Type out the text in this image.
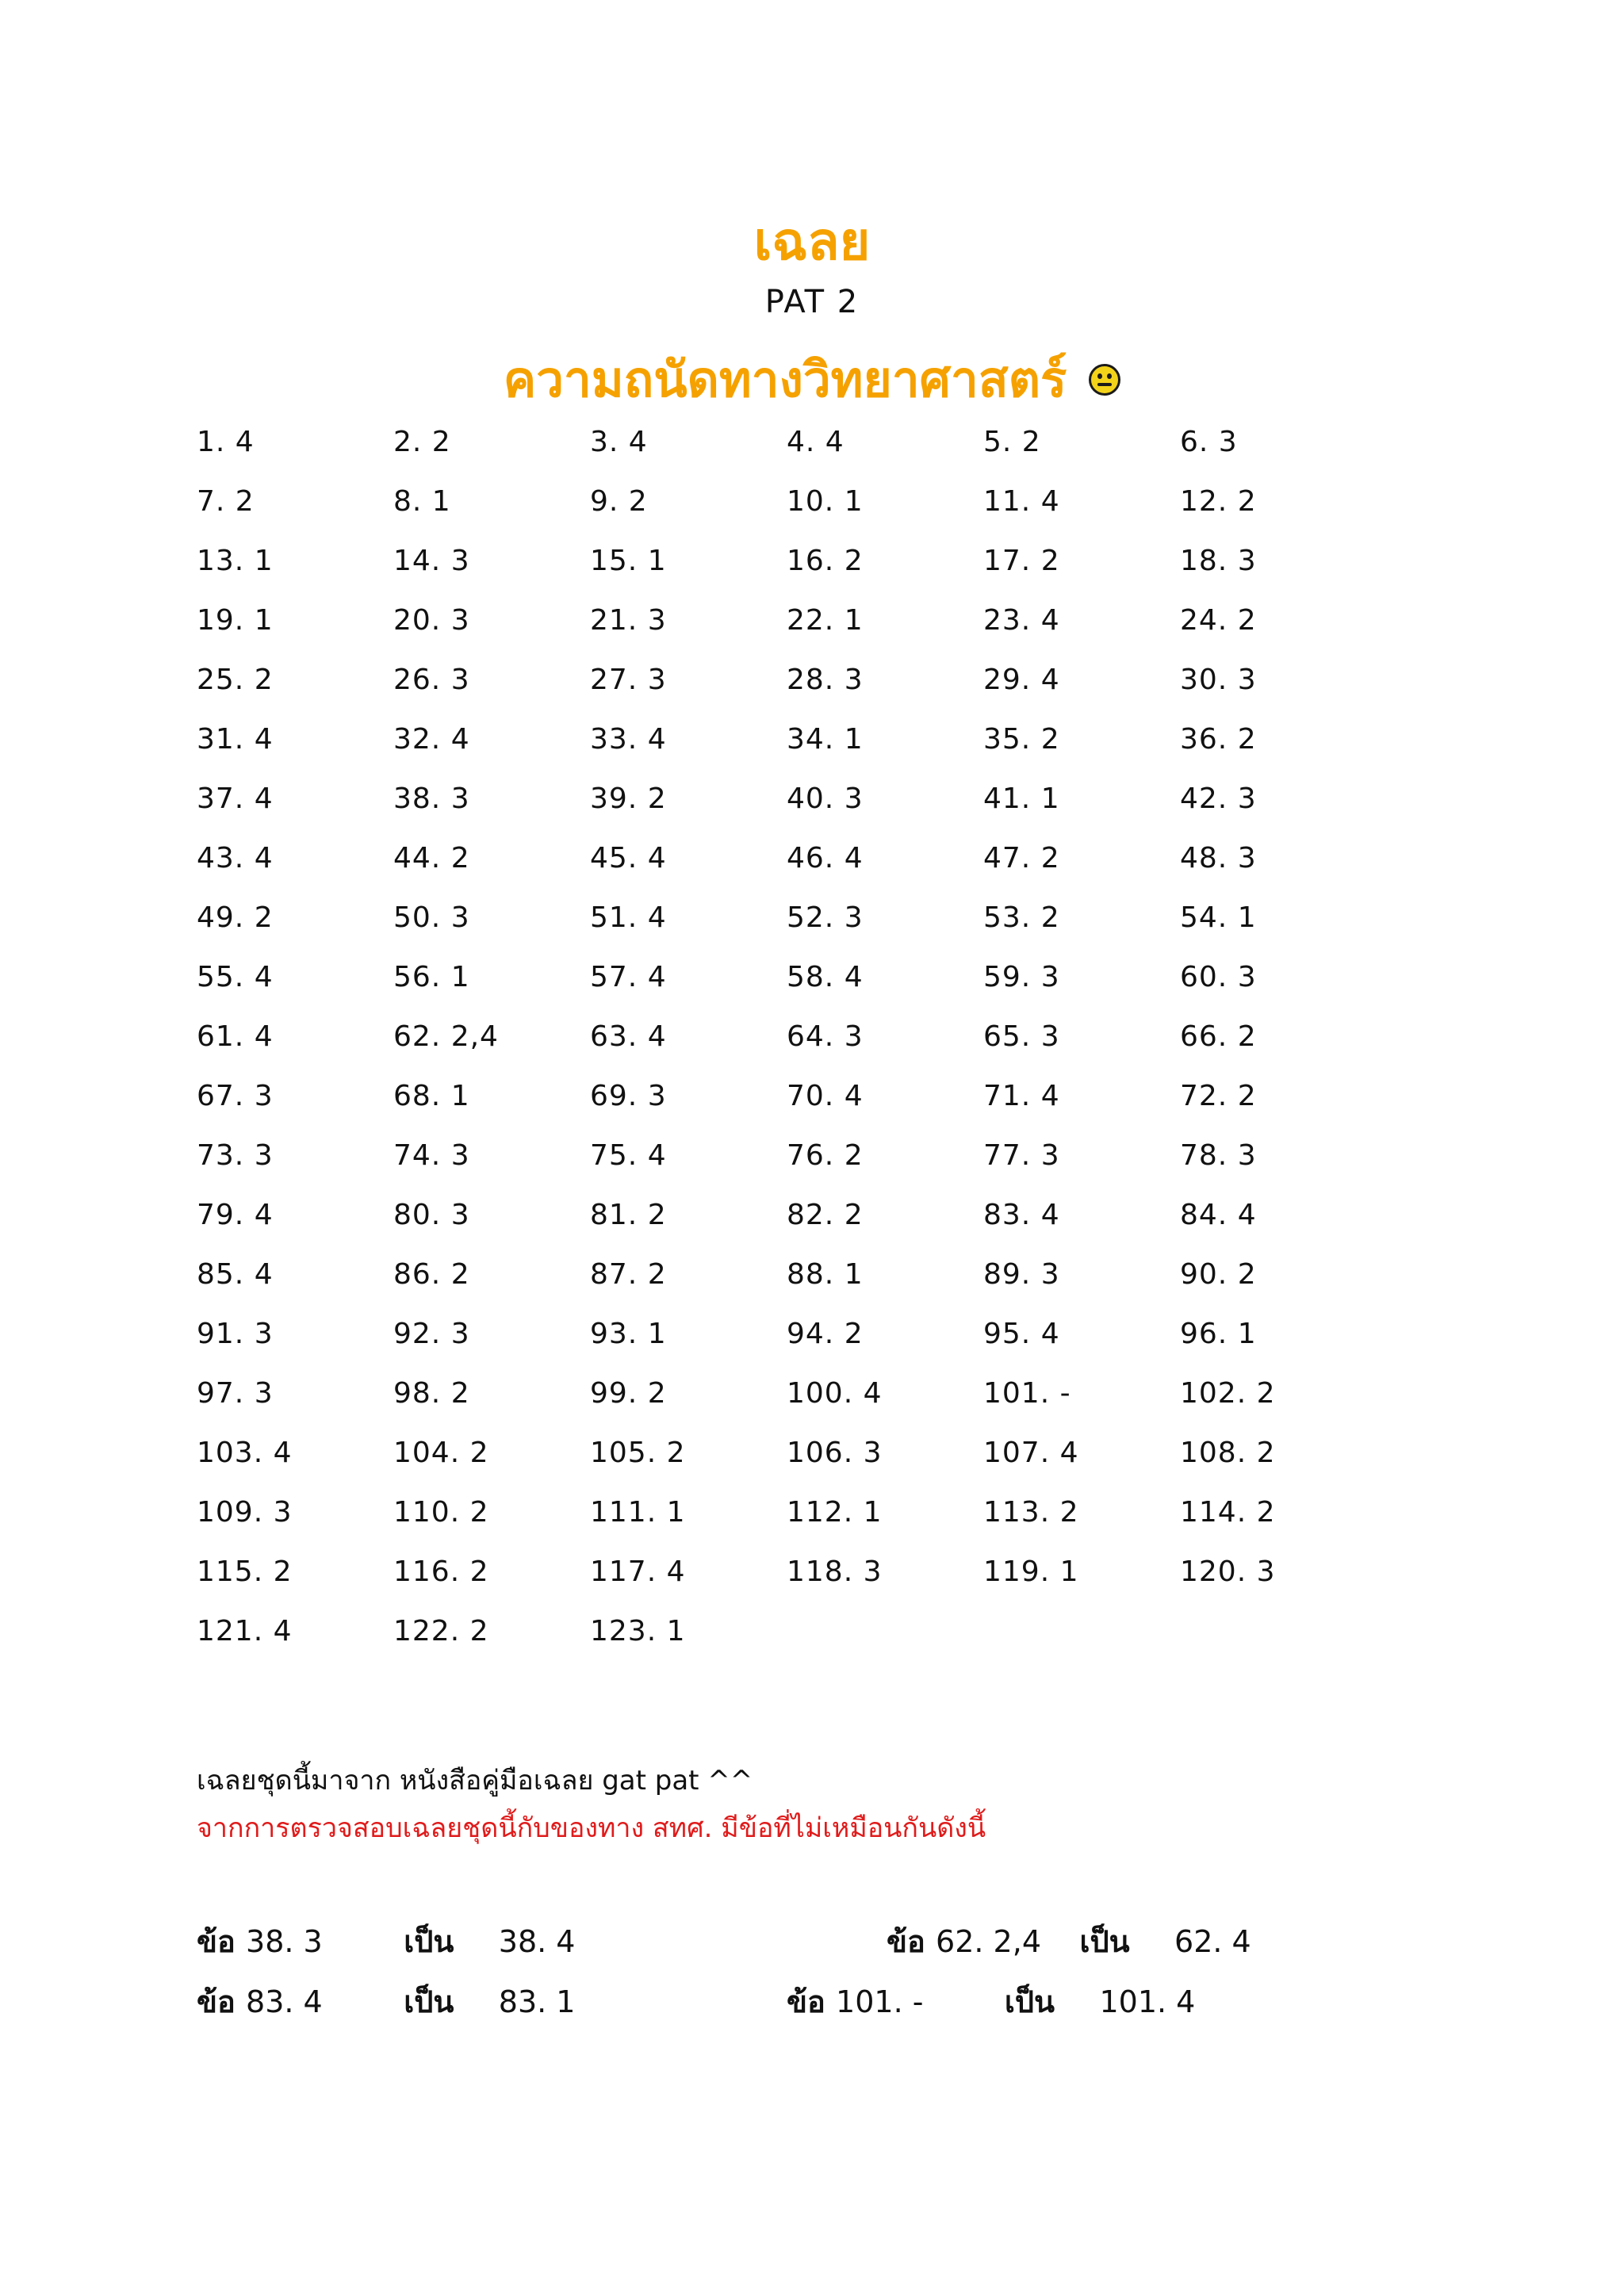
เฉลย
PAT 2
ความถนัดทางวิทยาศาสตร์
1. 4	2. 2	3. 4	4. 4	5. 2	6. 3
7. 2	8. 1	9. 2	10. 1	11. 4	12. 2
13. 1	14. 3	15. 1	16. 2	17. 2	18. 3
19. 1	20. 3	21. 3	22. 1	23. 4	24. 2
25. 2	26. 3	27. 3	28. 3	29. 4	30. 3
31. 4	32. 4	33. 4	34. 1	35. 2	36. 2
37. 4	38. 3	39. 2	40. 3	41. 1	42. 3
43. 4	44. 2	45. 4	46. 4	47. 2	48. 3
49. 2	50. 3	51. 4	52. 3	53. 2	54. 1
55. 4	56. 1	57. 4	58. 4	59. 3	60. 3
61. 4	62. 2,4	63. 4	64. 3	65. 3	66. 2
67. 3	68. 1	69. 3	70. 4	71. 4	72. 2
73. 3	74. 3	75. 4	76. 2	77. 3	78. 3
79. 4	80. 3	81. 2	82. 2	83. 4	84. 4
85. 4	86. 2	87. 2	88. 1	89. 3	90. 2
91. 3	92. 3	93. 1	94. 2	95. 4	96. 1
97. 3	98. 2	99. 2	100. 4	101. -	102. 2
103. 4	104. 2	105. 2	106. 3	107. 4	108. 2
109. 3	110. 2	111. 1	112. 1	113. 2	114. 2
115. 2	116. 2	117. 4	118. 3	119. 1	120. 3
121. 4	122. 2	123. 1
เฉลยชุดนี้มาจาก หนังสือคู่มือเฉลย gat pat ^^
จากการตรวจสอบเฉลยชุดนี้กับของทาง สทศ. มีข้อที่ไม่เหมือนกันดังนี้
ข้อ 38. 3	เป็น 38. 4	ข้อ 62. 2,4 เป็น 62. 4
ข้อ 83. 4	เป็น 83. 1	ข้อ 101. -	เป็น 101. 4
